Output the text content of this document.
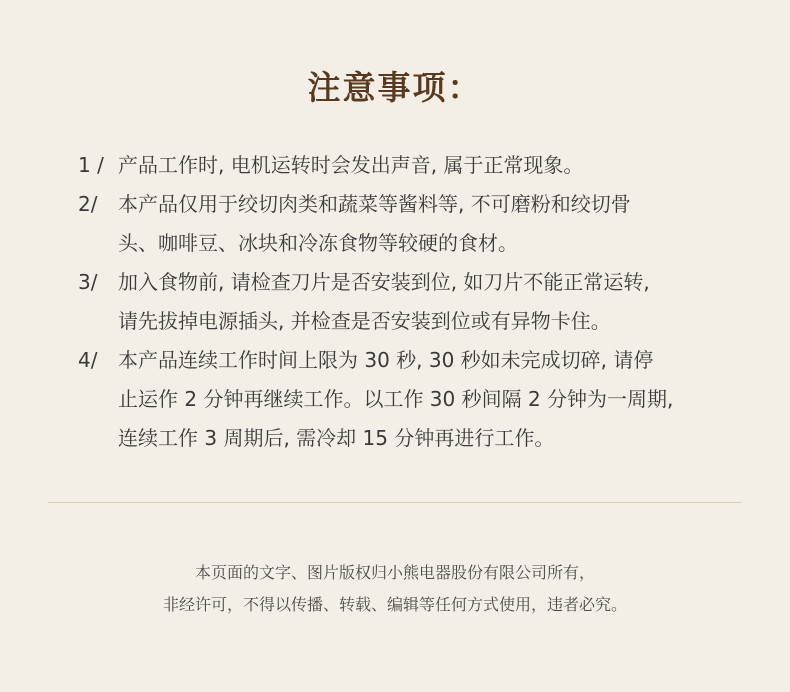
注意事项：
1 / 产品工作时, 电机运转时会发出声音, 属于正常现象。
2/	本产品仅用于绞切肉类和蔬菜等酱料等, 不可磨粉和绞切骨
头、咖啡豆、冰块和冷冻食物等较硬的食材。
3/	加入食物前, 请检查刀片是否安装到位, 如刀片不能正常运转,
请先拔掉电源插头, 并检查是否安装到位或有异物卡住。
4/	本产品连续工作时间上限为 30 秒, 30 秒如未完成切碎, 请停
止运作 2 分钟再继续工作。以工作 30 秒间隔 2 分钟为一周期,
连续工作 3 周期后, 需冷却 15 分钟再进行工作。
本页面的文字、图片版权归小熊电器股份有限公司所有，
非经许可，不得以传播、转载、编辑等任何方式使用，违者必究。
